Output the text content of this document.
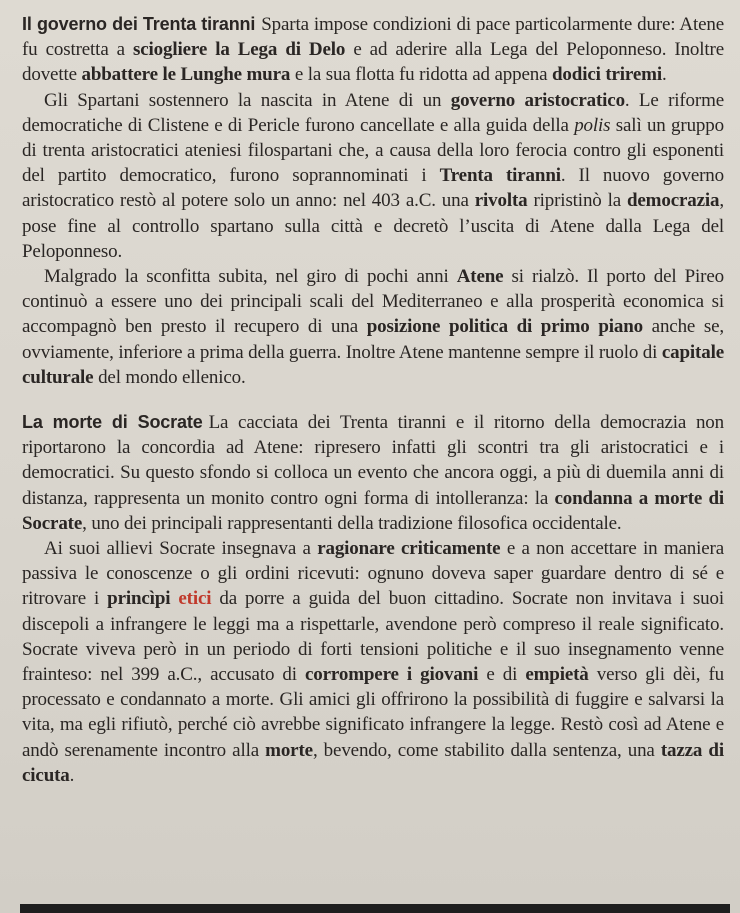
Il governo dei Trenta tiranni Sparta impose condizioni di pace particolarmente dure: Atene fu costretta a sciogliere la Lega di Delo e ad aderire alla Lega del Peloponneso. Inoltre dovette abbattere le Lunghe mura e la sua flotta fu ridotta ad appena dodici triremi.

Gli Spartani sostennero la nascita in Atene di un governo aristocratico. Le riforme democratiche di Clistene e di Pericle furono cancellate e alla guida della polis salì un gruppo di trenta aristocratici ateniesi filospartani che, a causa della loro ferocia contro gli esponenti del partito democratico, furono soprannominati i Trenta tiranni. Il nuovo governo aristocratico restò al potere solo un anno: nel 403 a.C. una rivolta ripristinò la democrazia, pose fine al controllo spartano sulla città e decretò l’uscita di Atene dalla Lega del Peloponneso.

Malgrado la sconfitta subita, nel giro di pochi anni Atene si rialzò. Il porto del Pireo continuò a essere uno dei principali scali del Mediterraneo e alla prosperità economica si accompagnò ben presto il recupero di una posizione politica di primo piano anche se, ovviamente, inferiore a prima della guerra. Inoltre Atene mantenne sempre il ruolo di capitale culturale del mondo ellenico.

La morte di Socrate La cacciata dei Trenta tiranni e il ritorno della democrazia non riportarono la concordia ad Atene: ripresero infatti gli scontri tra gli aristocratici e i democratici. Su questo sfondo si colloca un evento che ancora oggi, a più di duemila anni di distanza, rappresenta un monito contro ogni forma di intolleranza: la condanna a morte di Socrate, uno dei principali rappresentanti della tradizione filosofica occidentale.

Ai suoi allievi Socrate insegnava a ragionare criticamente e a non accettare in maniera passiva le conoscenze o gli ordini ricevuti: ognuno doveva saper guardare dentro di sé e ritrovare i princìpi etici da porre a guida del buon cittadino. Socrate non invitava i suoi discepoli a infrangere le leggi ma a rispettarle, avendone però compreso il reale significato. Socrate viveva però in un periodo di forti tensioni politiche e il suo insegnamento venne frainteso: nel 399 a.C., accusato di corrompere i giovani e di empietà verso gli dèi, fu processato e condannato a morte. Gli amici gli offrirono la possibilità di fuggire e salvarsi la vita, ma egli rifiutò, perché ciò avrebbe significato infrangere la legge. Restò così ad Atene e andò serenamente incontro alla morte, bevendo, come stabilito dalla sentenza, una tazza di cicuta.
